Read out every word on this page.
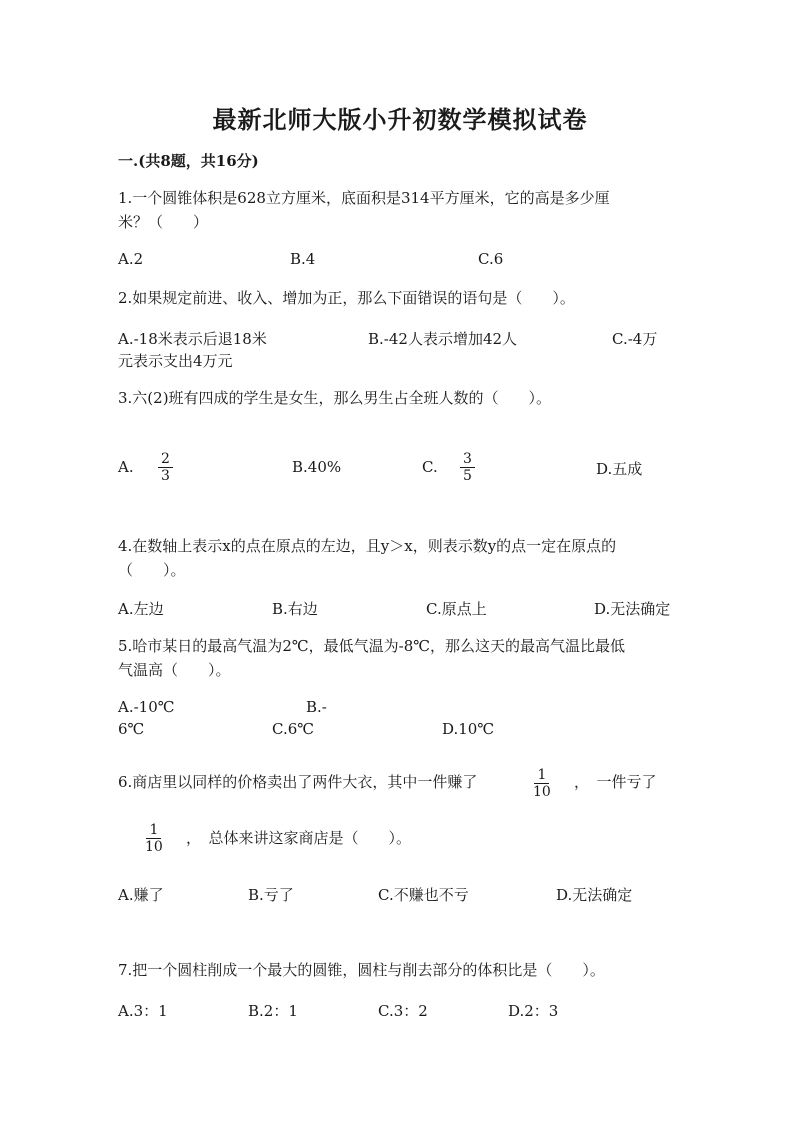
最新北师大版小升初数学模拟试卷
一.(共8题，共16分)
1.一个圆锥体积是628立方厘米，底面积是314平方厘米，它的高是多少厘
米？（　　）
A.2	B.4	C.6
2.如果规定前进、收入、增加为正，那么下面错误的语句是（　　）。
A.-18米表示后退18米	B.-42人表示增加42人	C.-4万
元表示支出4万元
3.六(2)班有四成的学生是女生，那么男生占全班人数的（　　）。
A. $\frac{2}{3}$	B.40%	C. $\frac{3}{5}$	D.五成
4.在数轴上表示x的点在原点的左边，且y＞x，则表示数y的点一定在原点的
（　　）。
A.左边	B.右边	C.原点上	D.无法确定
5.哈市某日的最高气温为2℃，最低气温为-8℃，那么这天的最高气温比最低
气温高（　　）。
A.-10℃	B.-
6℃	C.6℃	D.10℃
6.商店里以同样的价格卖出了两件大衣，其中一件赚了	$\frac{1}{10}$ ，　一件亏了
$\frac{1}{10}$ ，　总体来讲这家商店是（　　）。
A.赚了	B.亏了	C.不赚也不亏	D.无法确定
7.把一个圆柱削成一个最大的圆锥，圆柱与削去部分的体积比是（　　）。
A.3：1	B.2：1	C.3：2	D.2：3
